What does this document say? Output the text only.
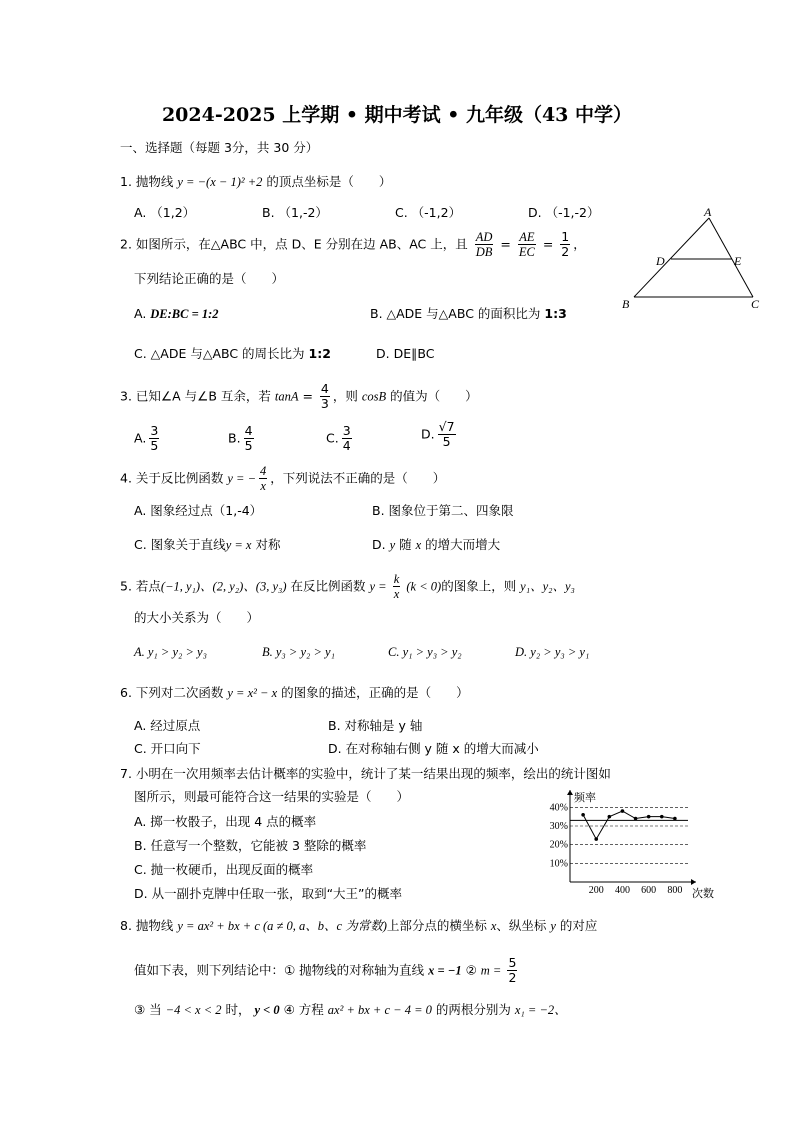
2024-2025 上学期 • 期中考试 • 九年级（43 中学）
一、选择题（每题 3分，共 30 分）
1. 抛物线 y = −(x − 1)² +2 的顶点坐标是（　　）
A. （1,2）	B. （1,-2）	C. （-1,2）	D. （-1,-2）
2. 如图所示，在△ABC 中，点 D、E 分别在边 AB、AC 上，且 $\frac{AD}{DB} = \frac{AE}{EC} = \frac{1}{2}$ ，
下列结论正确的是（　　）
A. DE:BC = 1:2	B. △ADE 与△ABC 的面积比为 1:3
C. △ADE 与△ABC 的周长比为 1:2	D. DE∥BC
A
D	E
B	C
3. 已知∠A 与∠B 互余，若 $\tan A = \frac{4}{3}$ ，则 cosB 的值为（　　）
A. $\frac{3}{5}$	B. $\frac{4}{5}$	C. $\frac{3}{4}$	D. $\frac{√7}{5}$
4. 关于反比例函数 y = − $\frac{4}{x}$ ，下列说法不正确的是（　　）
A. 图象经过点（1,-4）	B. 图象位于第二、四象限
C. 图象关于直线y = x 对称	D. y 随 x 的增大而增大
5. 若点(−1, y₁)、(2, y₂)、(3, y₃) 在反比例函数 $y = \frac{k}{x} (k < 0)$的图象上，则 y₁、y₂、y₃
的大小关系为（　　）
A. y₁ > y₂ > y₃	B. y₃ > y₂ > y₁	C. y₁ > y₃ > y₂	D. y₂ > y₃ > y₁
6. 下列对二次函数 y = x² − x 的图象的描述，正确的是（　　）
A. 经过原点	B. 对称轴是 y 轴
C. 开口向下	D. 在对称轴右侧 y 随 x 的增大而减小
7. 小明在一次用频率去估计概率的实验中，统计了某一结果出现的频率，绘出的统计图如
图所示，则最可能符合这一结果的实验是（　　）
A. 掷一枚骰子，出现 4 点的概率
B. 任意写一个整数，它能被 3 整除的概率
C. 抛一枚硬币，出现反面的概率
D. 从一副扑克牌中任取一张，取到“大王”的概率
10%
20%
30%
40%
200 400 600 800
频率
次数
8. 抛物线 y = ax² + bx + c (a ≠ 0, a、b、c 为常数)上部分点的横坐标 x、纵坐标 y 的对应
值如下表，则下列结论中：① 抛物线的对称轴为直线 x = −1 ② $m = \frac{5}{2}$
③ 当 −4 < x < 2 时， y < 0 ④ 方程 ax² + bx + c − 4 = 0 的两根分别为 x₁ = −2、
